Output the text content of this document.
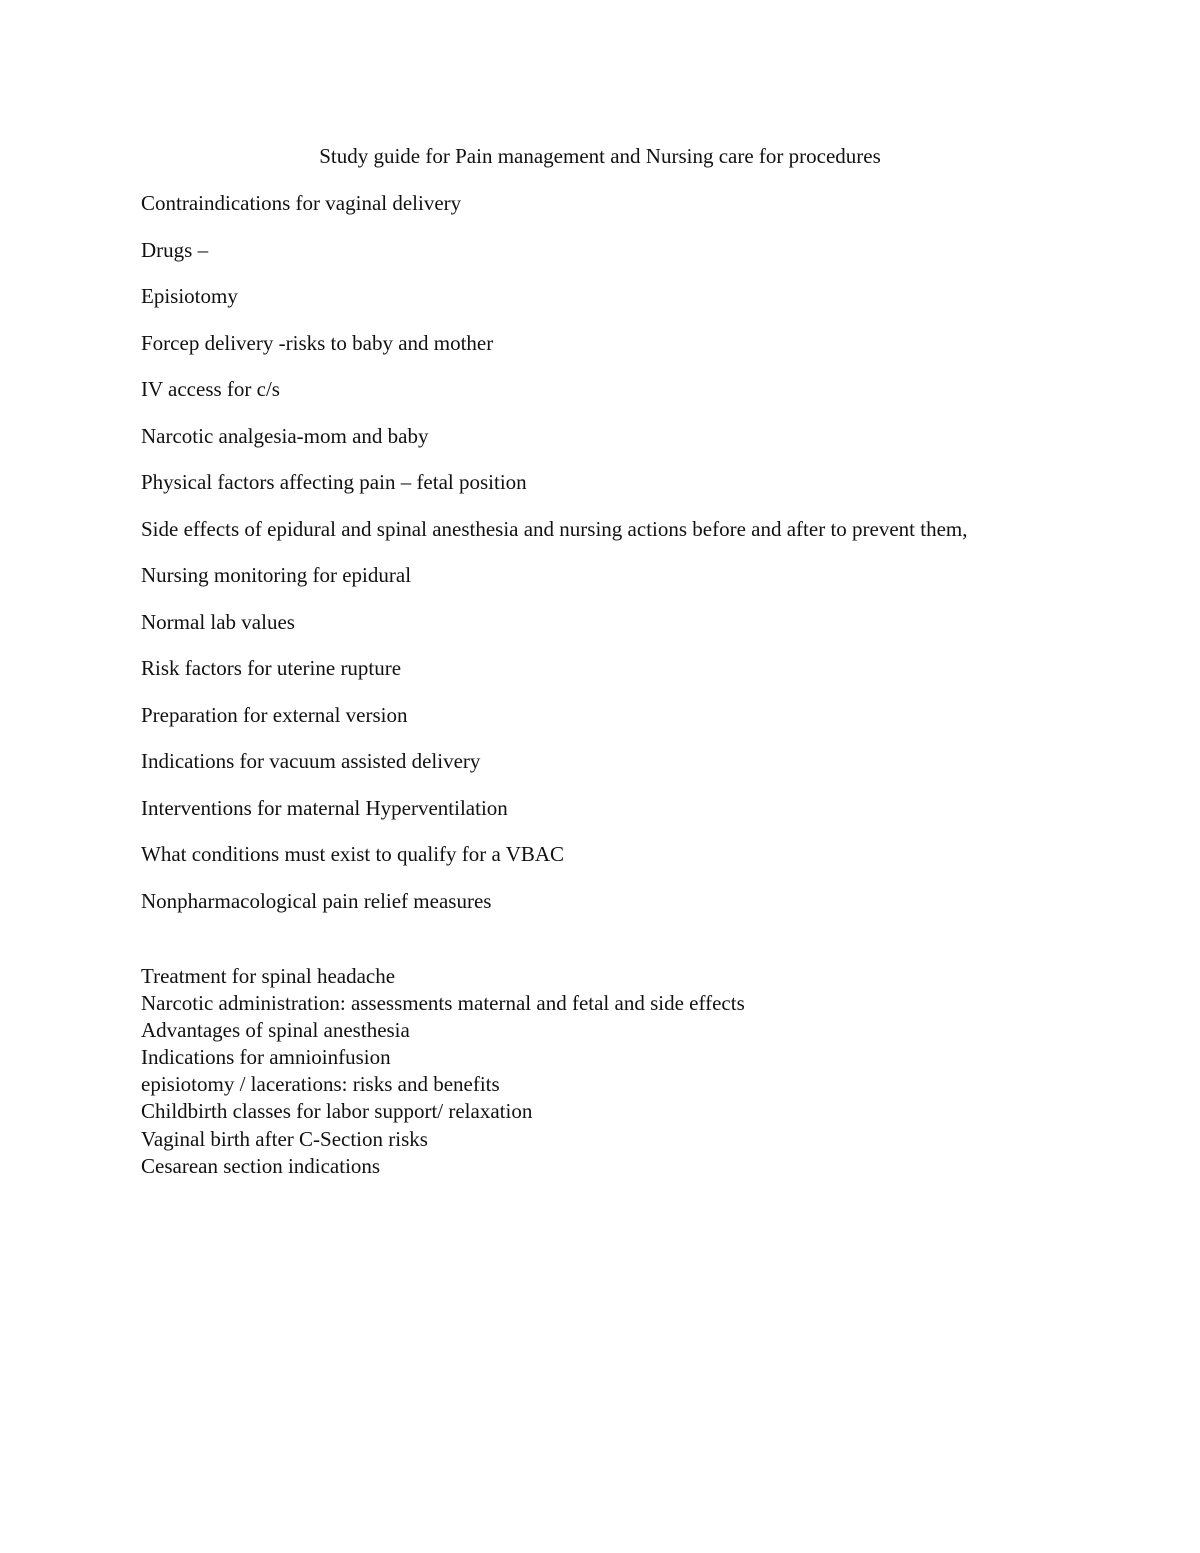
Study guide for Pain management and Nursing care for procedures
Contraindications for vaginal delivery
Drugs –
Episiotomy
Forcep delivery -risks to baby and mother
IV access for c/s
Narcotic analgesia-mom and baby
Physical factors affecting pain – fetal position
Side effects of epidural and spinal anesthesia and nursing actions before and after to prevent them,
Nursing monitoring for epidural
Normal lab values
Risk factors for uterine rupture
Preparation for external version
Indications for vacuum assisted delivery
Interventions for maternal Hyperventilation
What conditions must exist to qualify for a VBAC
Nonpharmacological pain relief measures
Treatment for spinal headache
Narcotic administration: assessments maternal and fetal and side effects
Advantages of spinal anesthesia
Indications for amnioinfusion
episiotomy / lacerations: risks and benefits
Childbirth classes for labor support/ relaxation
Vaginal birth after C-Section risks
Cesarean section indications
